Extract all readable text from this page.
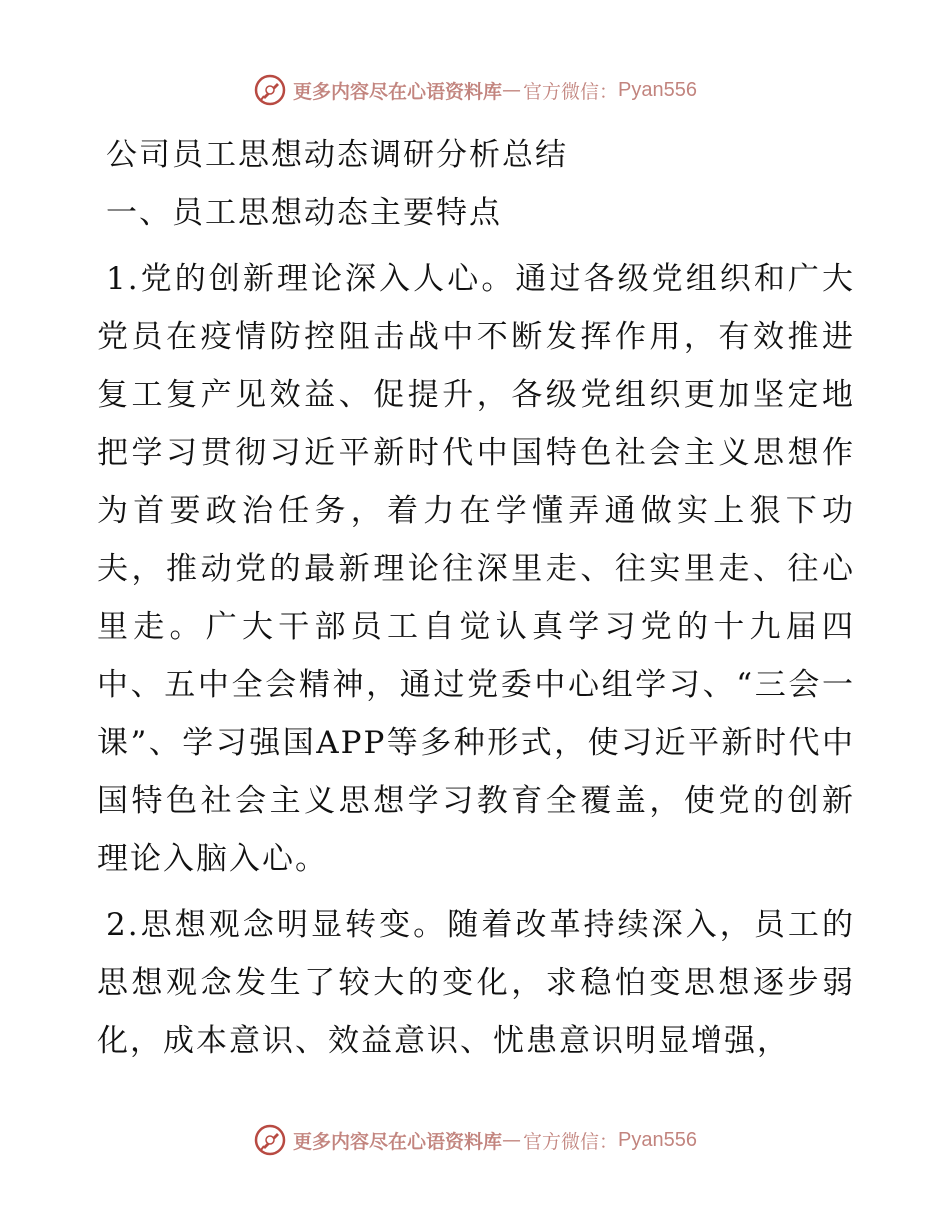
更多内容尽在心语资料库 — 官方微信： Pyan556
公司员工思想动态调研分析总结
一、员工思想动态主要特点

1.党的创新理论深入人心。通过各级党组织和广大党员在疫情防控阻击战中不断发挥作用，有效推进复工复产见效益、促提升，各级党组织更加坚定地把学习贯彻习近平新时代中国特色社会主义思想作为首要政治任务，着力在学懂弄通做实上狠下功夫，推动党的最新理论往深里走、往实里走、往心里走。广大干部员工自觉认真学习党的十九届四中、五中全会精神，通过党委中心组学习、“三会一课”、学习强国APP等多种形式，使习近平新时代中国特色社会主义思想学习教育全覆盖，使党的创新理论入脑入心。

2.思想观念明显转变。随着改革持续深入，员工的思想观念发生了较大的变化，求稳怕变思想逐步弱化，成本意识、效益意识、忧患意识明显增强，

更多内容尽在心语资料库 — 官方微信： Pyan556
